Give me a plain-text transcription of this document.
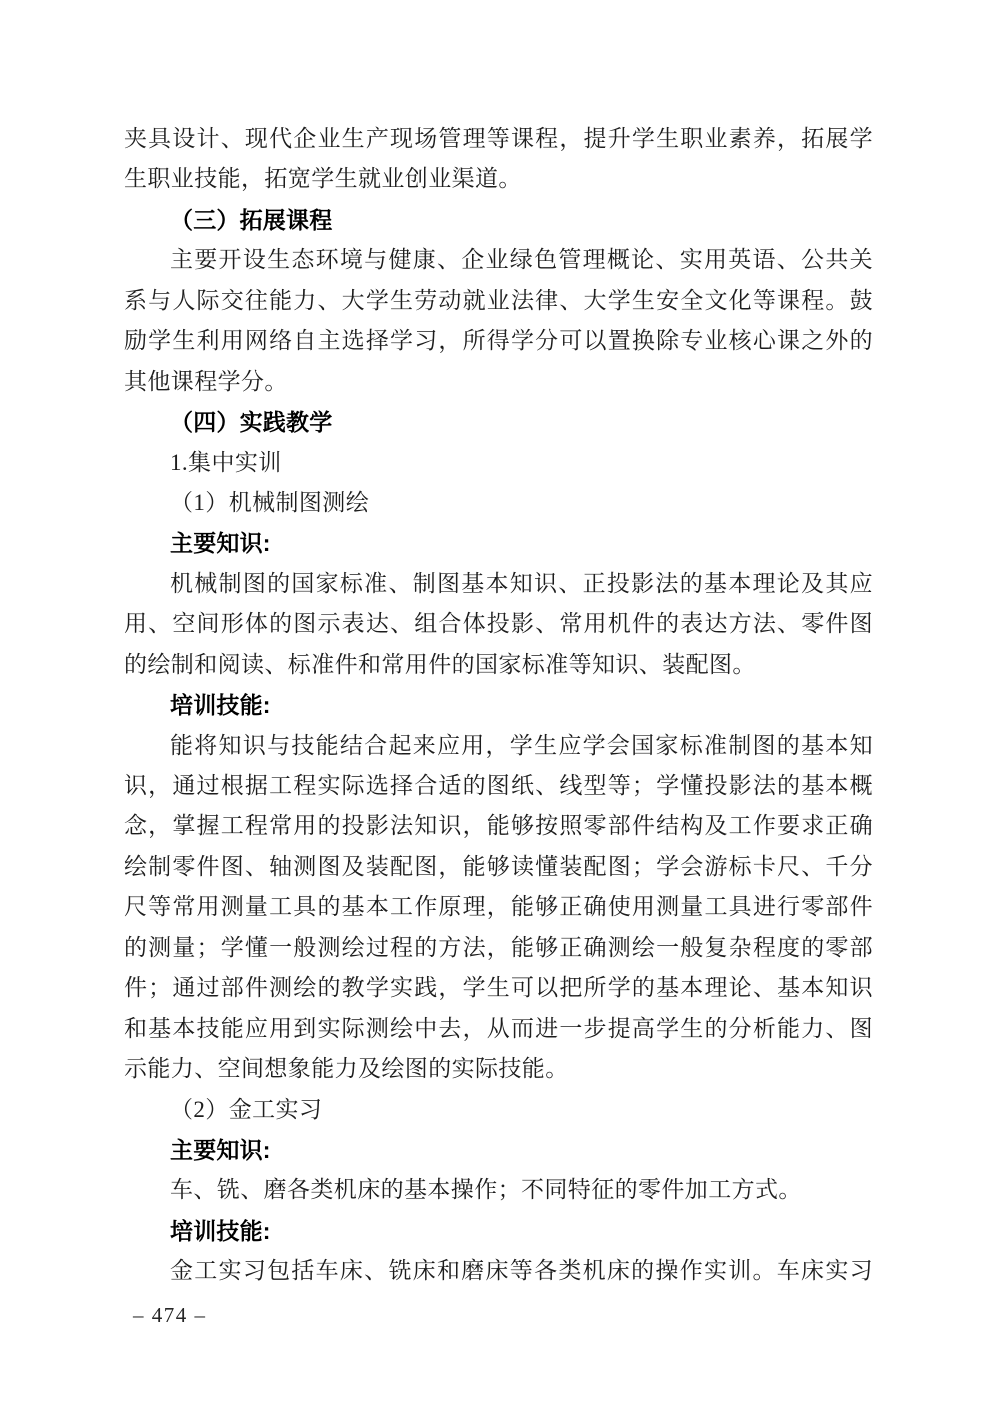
夹具设计、现代企业生产现场管理等课程，提升学生职业素养，拓展学
生职业技能，拓宽学生就业创业渠道。
（三）拓展课程
主要开设生态环境与健康、企业绿色管理概论、实用英语、公共关
系与人际交往能力、大学生劳动就业法律、大学生安全文化等课程。鼓
励学生利用网络自主选择学习，所得学分可以置换除专业核心课之外的
其他课程学分。
（四）实践教学
1.集中实训
（1）机械制图测绘
主要知识:
机械制图的国家标准、制图基本知识、正投影法的基本理论及其应
用、空间形体的图示表达、组合体投影、常用机件的表达方法、零件图
的绘制和阅读、标准件和常用件的国家标准等知识、装配图。
培训技能:
能将知识与技能结合起来应用，学生应学会国家标准制图的基本知
识，通过根据工程实际选择合适的图纸、线型等；学懂投影法的基本概
念，掌握工程常用的投影法知识，能够按照零部件结构及工作要求正确
绘制零件图、轴测图及装配图，能够读懂装配图；学会游标卡尺、千分
尺等常用测量工具的基本工作原理，能够正确使用测量工具进行零部件
的测量；学懂一般测绘过程的方法，能够正确测绘一般复杂程度的零部
件；通过部件测绘的教学实践，学生可以把所学的基本理论、基本知识
和基本技能应用到实际测绘中去，从而进一步提高学生的分析能力、图
示能力、空间想象能力及绘图的实际技能。
（2）金工实习
主要知识:
车、铣、磨各类机床的基本操作；不同特征的零件加工方式。
培训技能:
金工实习包括车床、铣床和磨床等各类机床的操作实训。车床实习
– 474 –
